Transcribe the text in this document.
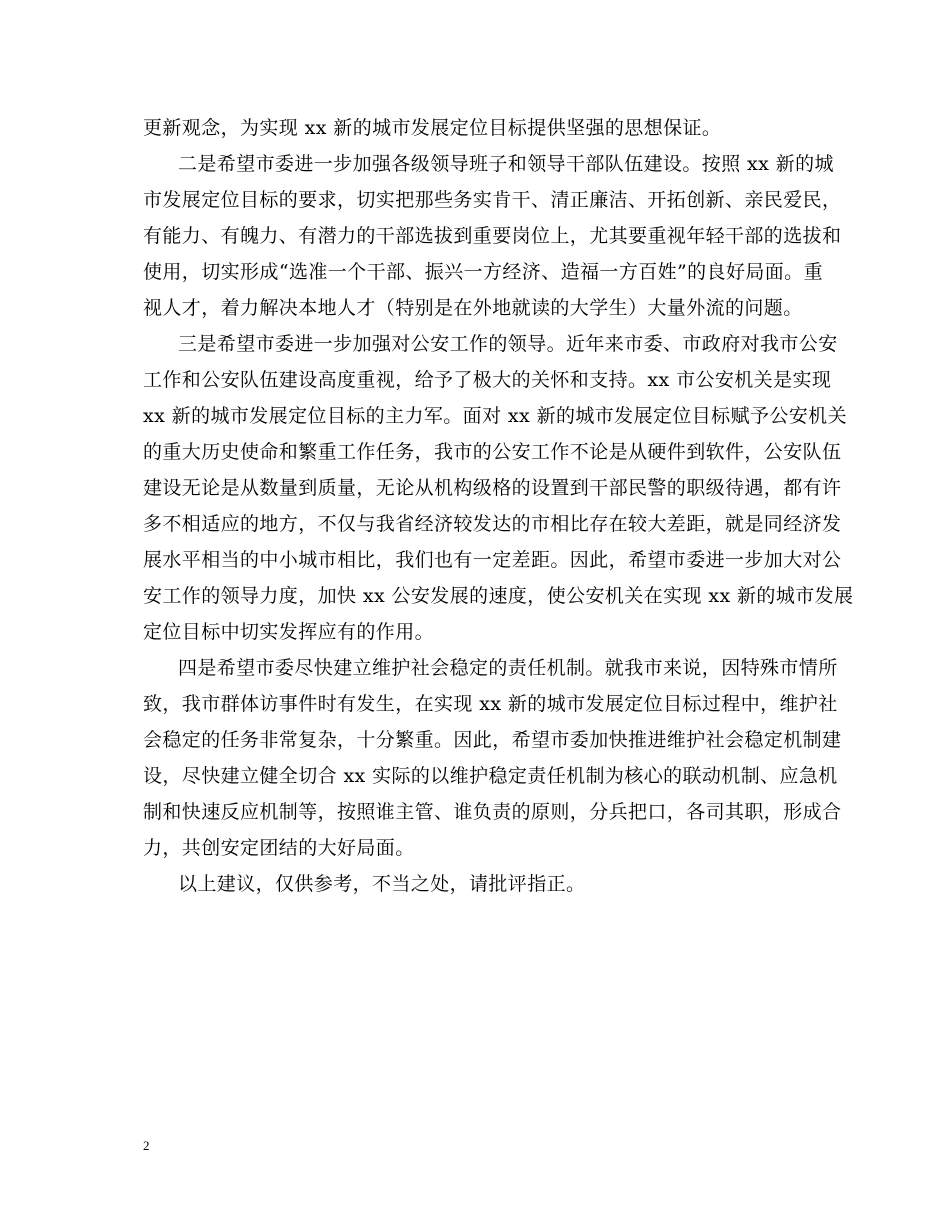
更新观念，为实现 xx 新的城市发展定位目标提供坚强的思想保证。

二是希望市委进一步加强各级领导班子和领导干部队伍建设。按照 xx 新的城

市发展定位目标的要求，切实把那些务实肯干、清正廉洁、开拓创新、亲民爱民，

有能力、有魄力、有潜力的干部选拔到重要岗位上，尤其要重视年轻干部的选拔和

使用，切实形成“选准一个干部、振兴一方经济、造福一方百姓”的良好局面。重

视人才，着力解决本地人才（特别是在外地就读的大学生）大量外流的问题。

三是希望市委进一步加强对公安工作的领导。近年来市委、市政府对我市公安

工作和公安队伍建设高度重视，给予了极大的关怀和支持。xx 市公安机关是实现

xx 新的城市发展定位目标的主力军。面对 xx 新的城市发展定位目标赋予公安机关

的重大历史使命和繁重工作任务，我市的公安工作不论是从硬件到软件，公安队伍

建设无论是从数量到质量，无论从机构级格的设置到干部民警的职级待遇，都有许

多不相适应的地方，不仅与我省经济较发达的市相比存在较大差距，就是同经济发

展水平相当的中小城市相比，我们也有一定差距。因此，希望市委进一步加大对公

安工作的领导力度，加快 xx 公安发展的速度，使公安机关在实现 xx 新的城市发展

定位目标中切实发挥应有的作用。

四是希望市委尽快建立维护社会稳定的责任机制。就我市来说，因特殊市情所

致，我市群体访事件时有发生，在实现 xx 新的城市发展定位目标过程中，维护社

会稳定的任务非常复杂，十分繁重。因此，希望市委加快推进维护社会稳定机制建

设，尽快建立健全切合 xx 实际的以维护稳定责任机制为核心的联动机制、应急机

制和快速反应机制等，按照谁主管、谁负责的原则，分兵把口，各司其职，形成合

力，共创安定团结的大好局面。

以上建议，仅供参考，不当之处，请批评指正。

2
